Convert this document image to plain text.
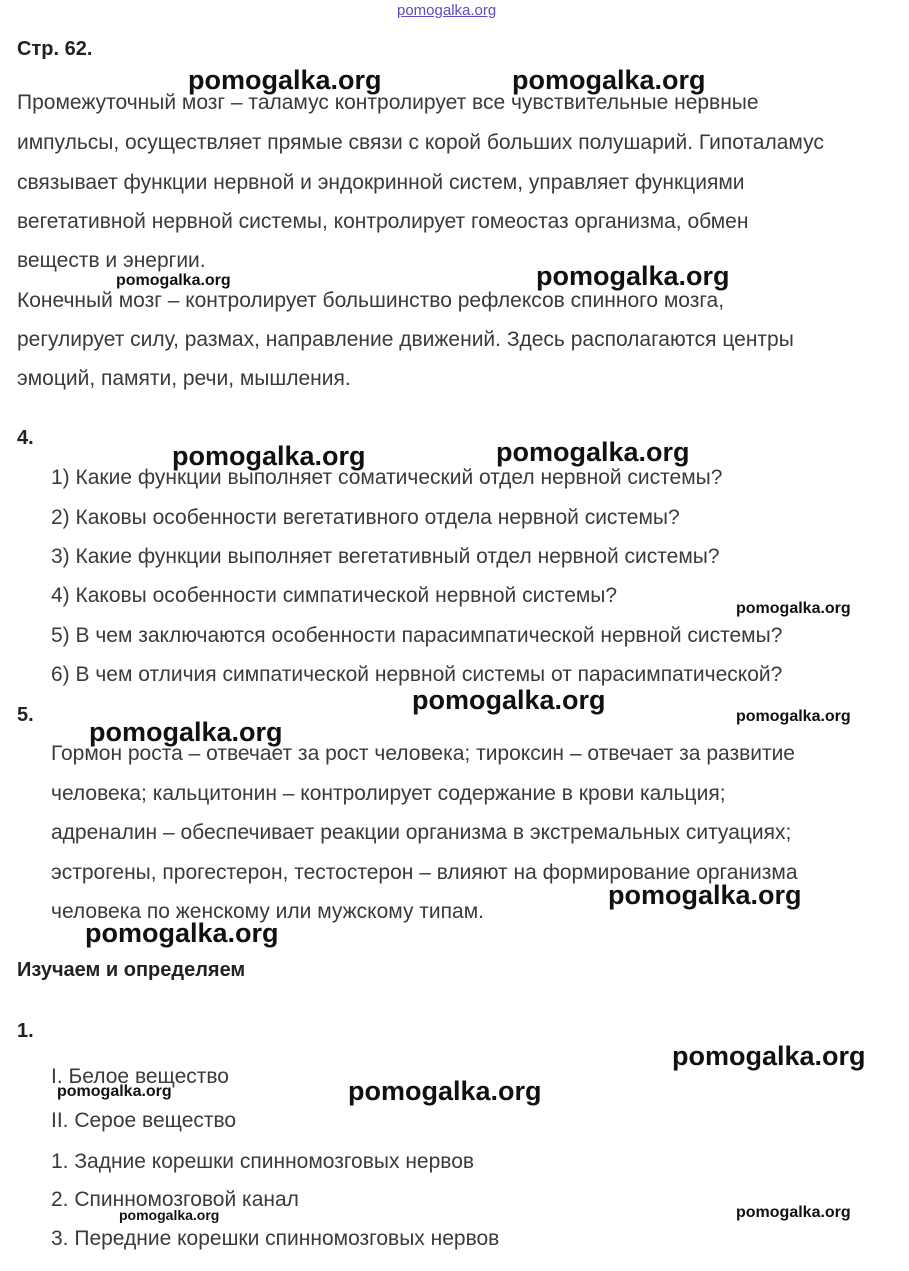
pomogalka.org
Стр. 62.
Промежуточный мозг – таламус контролирует все чувствительные нервные
импульсы, осуществляет прямые связи с корой больших полушарий. Гипоталамус
связывает функции нервной и эндокринной систем, управляет функциями
вегетативной нервной системы, контролирует гомеостаз организма, обмен
веществ и энергии.
Конечный мозг – контролирует большинство рефлексов спинного мозга,
регулирует силу, размах, направление движений. Здесь располагаются центры
эмоций, памяти, речи, мышления.
4.
1) Какие функции выполняет соматический отдел нервной системы?
2) Каковы особенности вегетативного отдела нервной системы?
3) Какие функции выполняет вегетативный отдел нервной системы?
4) Каковы особенности симпатической нервной системы?
5) В чем заключаются особенности парасимпатической нервной системы?
6) В чем отличия симпатической нервной системы от парасимпатической?
5.
Гормон роста – отвечает за рост человека; тироксин – отвечает за развитие
человека; кальцитонин – контролирует содержание в крови кальция;
адреналин – обеспечивает реакции организма в экстремальных ситуациях;
эстрогены, прогестерон, тестостерон – влияют на формирование организма
человека по женскому или мужскому типам.
Изучаем и определяем
1.
I. Белое вещество
II. Серое вещество
1. Задние корешки спинномозговых нервов
2. Спинномозговой канал
3. Передние корешки спинномозговых нервов
pomogalka.org	pomogalka.org
pomogalka.org	pomogalka.org
pomogalka.org	pomogalka.org
pomogalka.org
pomogalka.org
pomogalka.org
pomogalka.org
pomogalka.org
pomogalka.org
pomogalka.org
pomogalka.org	pomogalka.org
pomogalka.org	pomogalka.org
